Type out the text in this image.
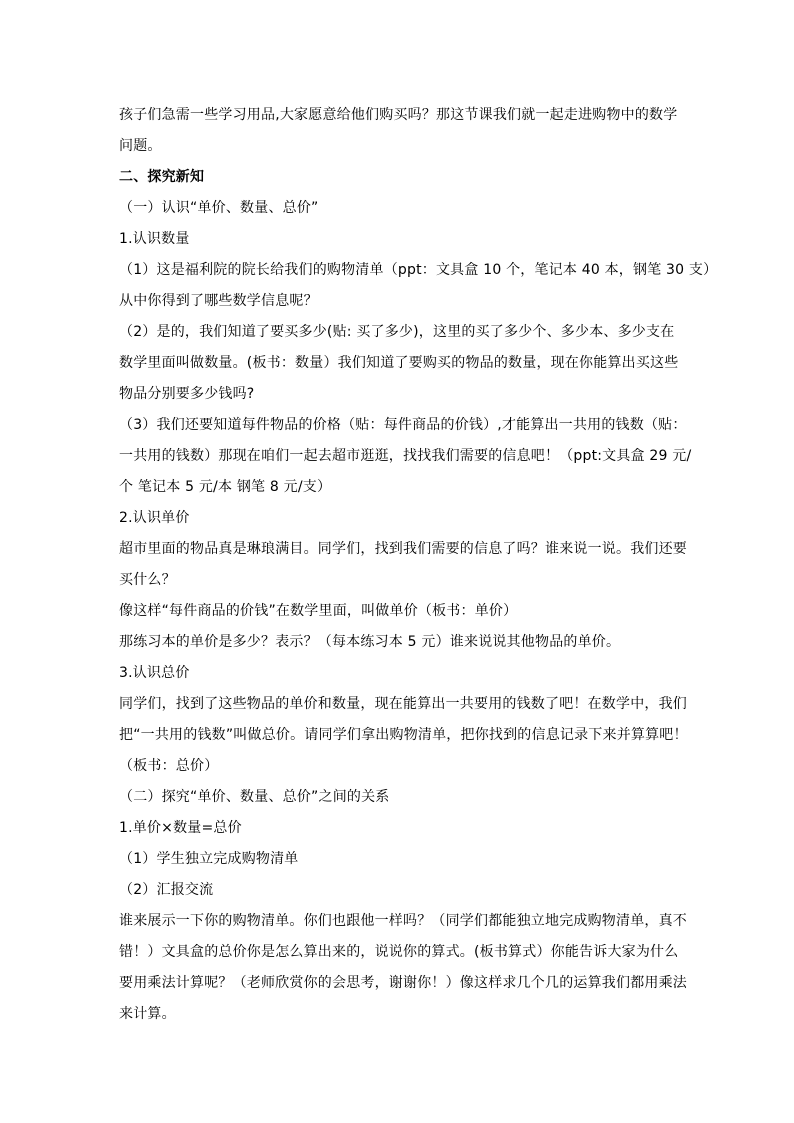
孩子们急需一些学习用品,大家愿意给他们购买吗？那这节课我们就一起走进购物中的数学
问题。
二、探究新知
（一）认识“单价、数量、总价”
1.认识数量
（1）这是福利院的院长给我们的购物清单（ppt：文具盒 10 个，笔记本 40 本，钢笔 30 支）
从中你得到了哪些数学信息呢？
（2）是的，我们知道了要买多少(贴: 买了多少)，这里的买了多少个、多少本、多少支在
数学里面叫做数量。(板书：数量）我们知道了要购买的物品的数量，现在你能算出买这些
物品分别要多少钱吗?
（3）我们还要知道每件物品的价格（贴：每件商品的价钱）,才能算出一共用的钱数（贴：
一共用的钱数）那现在咱们一起去超市逛逛，找找我们需要的信息吧！（ppt:文具盒 29 元/
个 笔记本 5 元/本 钢笔 8 元/支）
2.认识单价
超市里面的物品真是琳琅满目。同学们，找到我们需要的信息了吗？谁来说一说。我们还要
买什么？
像这样“每件商品的价钱”在数学里面，叫做单价（板书：单价）
那练习本的单价是多少？表示？（每本练习本 5 元）谁来说说其他物品的单价。
3.认识总价
同学们，找到了这些物品的单价和数量，现在能算出一共要用的钱数了吧！在数学中，我们
把“一共用的钱数”叫做总价。请同学们拿出购物清单，把你找到的信息记录下来并算算吧！
（板书：总价）
（二）探究“单价、数量、总价”之间的关系
1.单价×数量=总价
（1）学生独立完成购物清单
（2）汇报交流
谁来展示一下你的购物清单。你们也跟他一样吗？（同学们都能独立地完成购物清单，真不
错！）文具盒的总价你是怎么算出来的，说说你的算式。(板书算式）你能告诉大家为什么
要用乘法计算呢？（老师欣赏你的会思考，谢谢你！）像这样求几个几的运算我们都用乘法
来计算。
